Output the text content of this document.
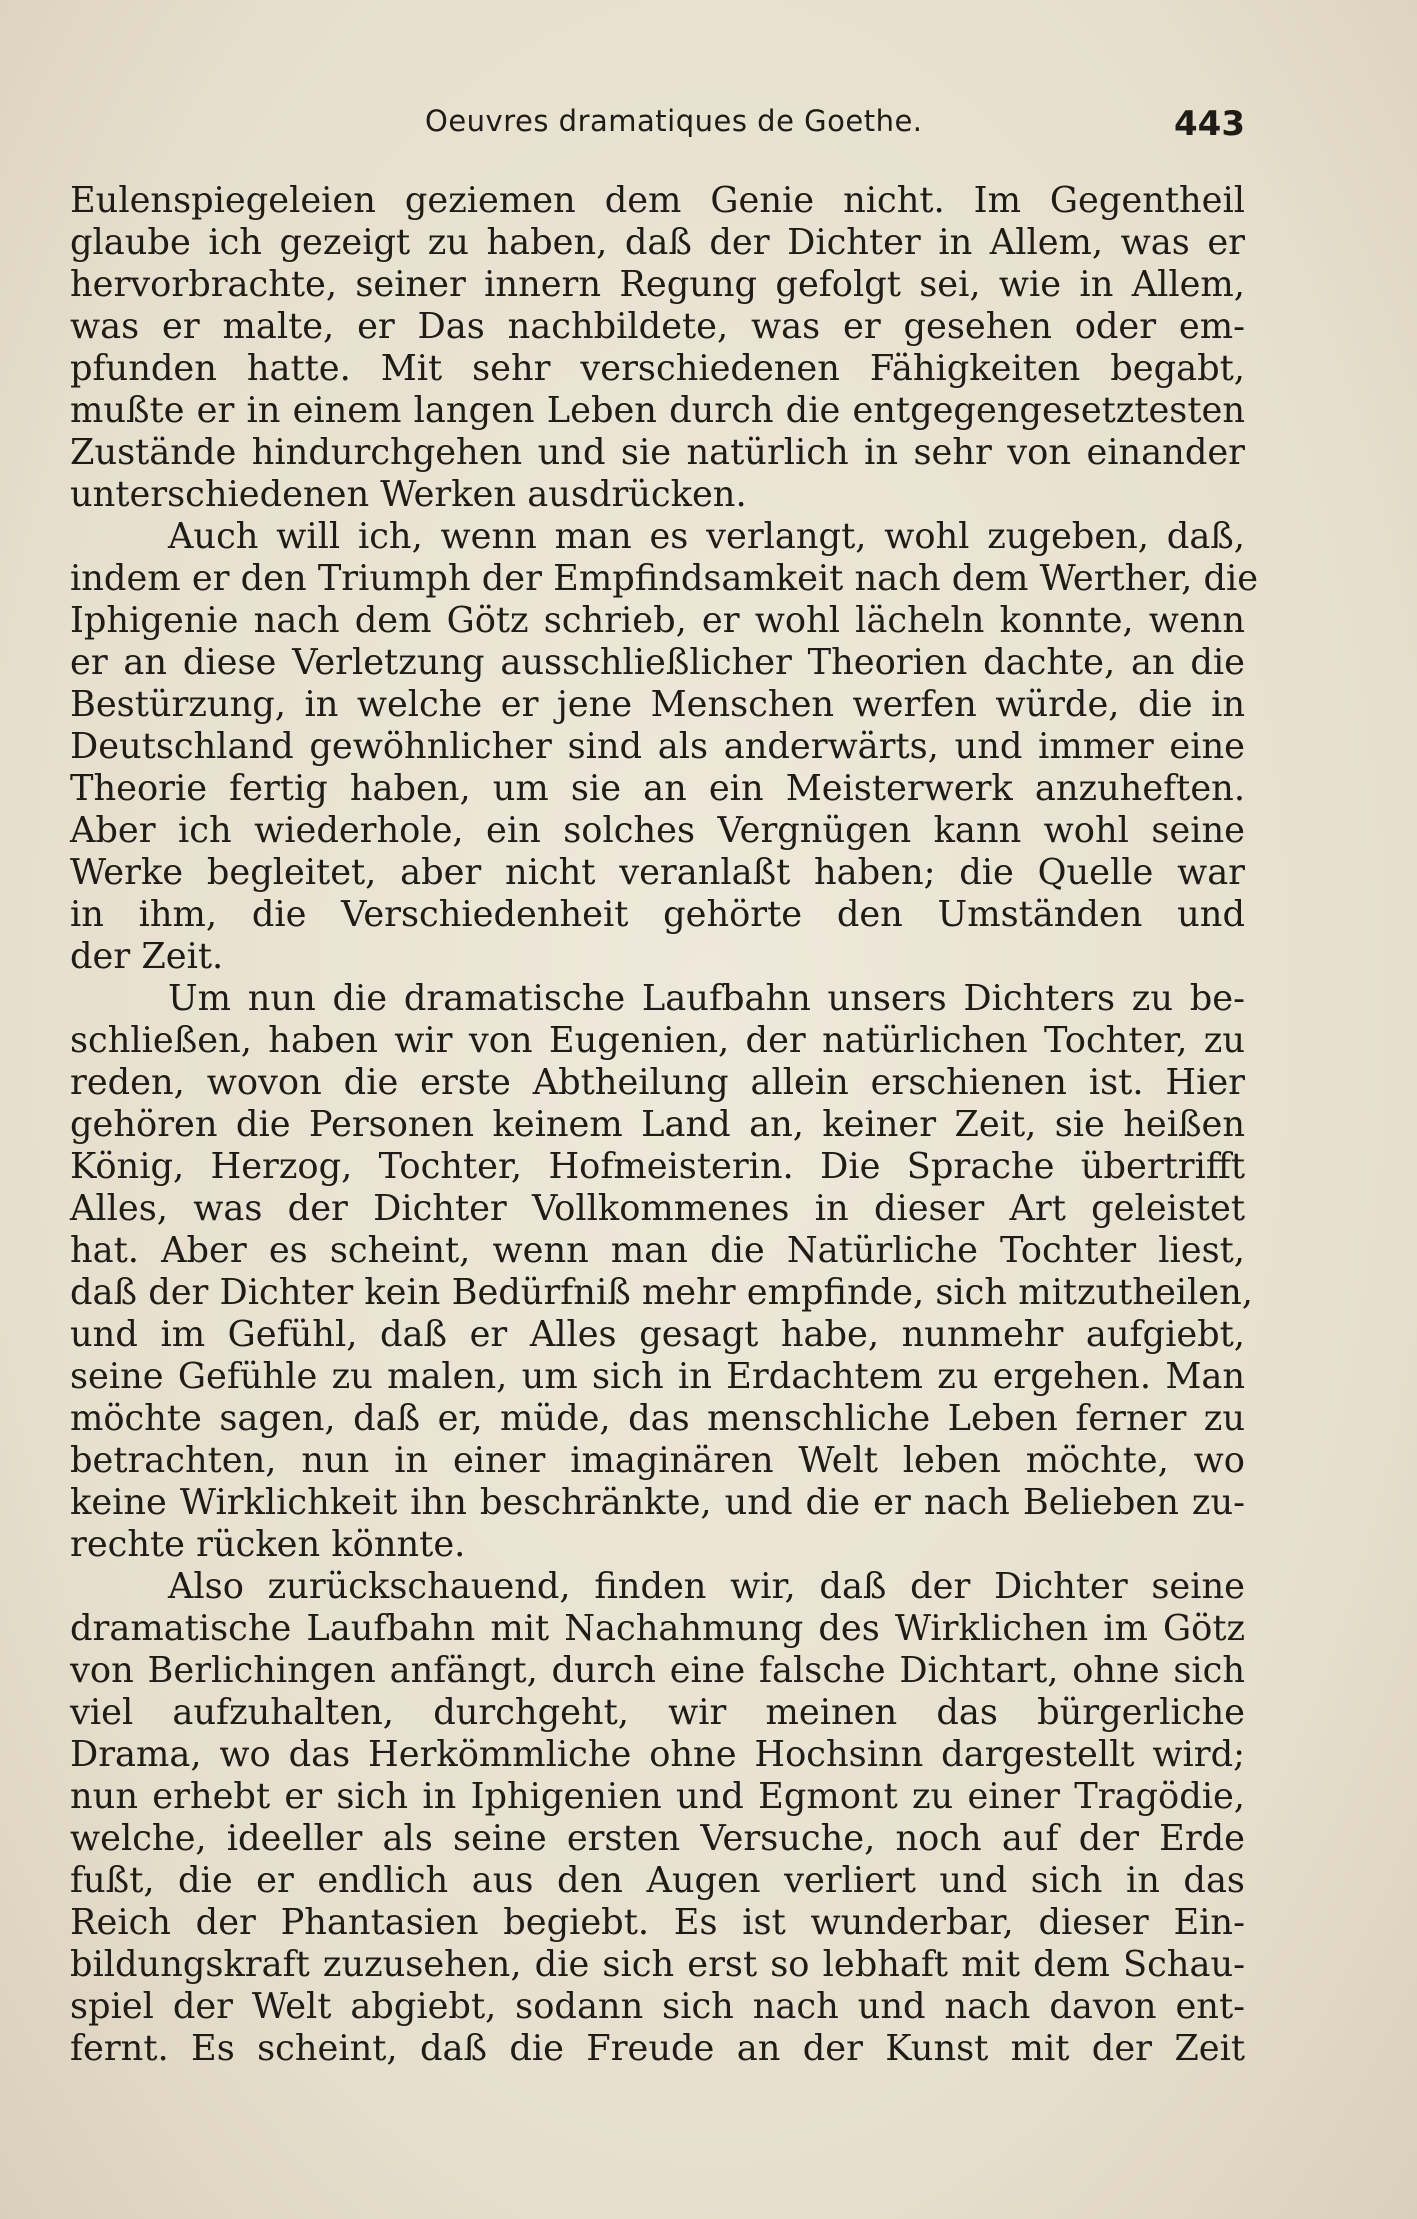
Oeuvres dramatiques de Goethe.	443
Eulenspiegeleien geziemen dem Genie nicht. Im Gegentheil
glaube ich gezeigt zu haben, daß der Dichter in Allem, was er
hervorbrachte, seiner innern Regung gefolgt sei, wie in Allem,
was er malte, er Das nachbildete, was er gesehen oder em-
pfunden hatte. Mit sehr verschiedenen Fähigkeiten begabt,
mußte er in einem langen Leben durch die entgegengesetztesten
Zustände hindurchgehen und sie natürlich in sehr von einander
unterschiedenen Werken ausdrücken.
Auch will ich, wenn man es verlangt, wohl zugeben, daß,
indem er den Triumph der Empfindsamkeit nach dem Werther, die
Iphigenie nach dem Götz schrieb, er wohl lächeln konnte, wenn
er an diese Verletzung ausschließlicher Theorien dachte, an die
Bestürzung, in welche er jene Menschen werfen würde, die in
Deutschland gewöhnlicher sind als anderwärts, und immer eine
Theorie fertig haben, um sie an ein Meisterwerk anzuheften.
Aber ich wiederhole, ein solches Vergnügen kann wohl seine
Werke begleitet, aber nicht veranlaßt haben; die Quelle war
in ihm, die Verschiedenheit gehörte den Umständen und
der Zeit.
Um nun die dramatische Laufbahn unsers Dichters zu be-
schließen, haben wir von Eugenien, der natürlichen Tochter, zu
reden, wovon die erste Abtheilung allein erschienen ist. Hier
gehören die Personen keinem Land an, keiner Zeit, sie heißen
König, Herzog, Tochter, Hofmeisterin. Die Sprache übertrifft
Alles, was der Dichter Vollkommenes in dieser Art geleistet
hat. Aber es scheint, wenn man die Natürliche Tochter liest,
daß der Dichter kein Bedürfniß mehr empfinde, sich mitzutheilen,
und im Gefühl, daß er Alles gesagt habe, nunmehr aufgiebt,
seine Gefühle zu malen, um sich in Erdachtem zu ergehen. Man
möchte sagen, daß er, müde, das menschliche Leben ferner zu
betrachten, nun in einer imaginären Welt leben möchte, wo
keine Wirklichkeit ihn beschränkte, und die er nach Belieben zu-
rechte rücken könnte.
Also zurückschauend, finden wir, daß der Dichter seine
dramatische Laufbahn mit Nachahmung des Wirklichen im Götz
von Berlichingen anfängt, durch eine falsche Dichtart, ohne sich
viel aufzuhalten, durchgeht, wir meinen das bürgerliche
Drama, wo das Herkömmliche ohne Hochsinn dargestellt wird;
nun erhebt er sich in Iphigenien und Egmont zu einer Tragödie,
welche, ideeller als seine ersten Versuche, noch auf der Erde
fußt, die er endlich aus den Augen verliert und sich in das
Reich der Phantasien begiebt. Es ist wunderbar, dieser Ein-
bildungskraft zuzusehen, die sich erst so lebhaft mit dem Schau-
spiel der Welt abgiebt, sodann sich nach und nach davon ent-
fernt. Es scheint, daß die Freude an der Kunst mit der Zeit
